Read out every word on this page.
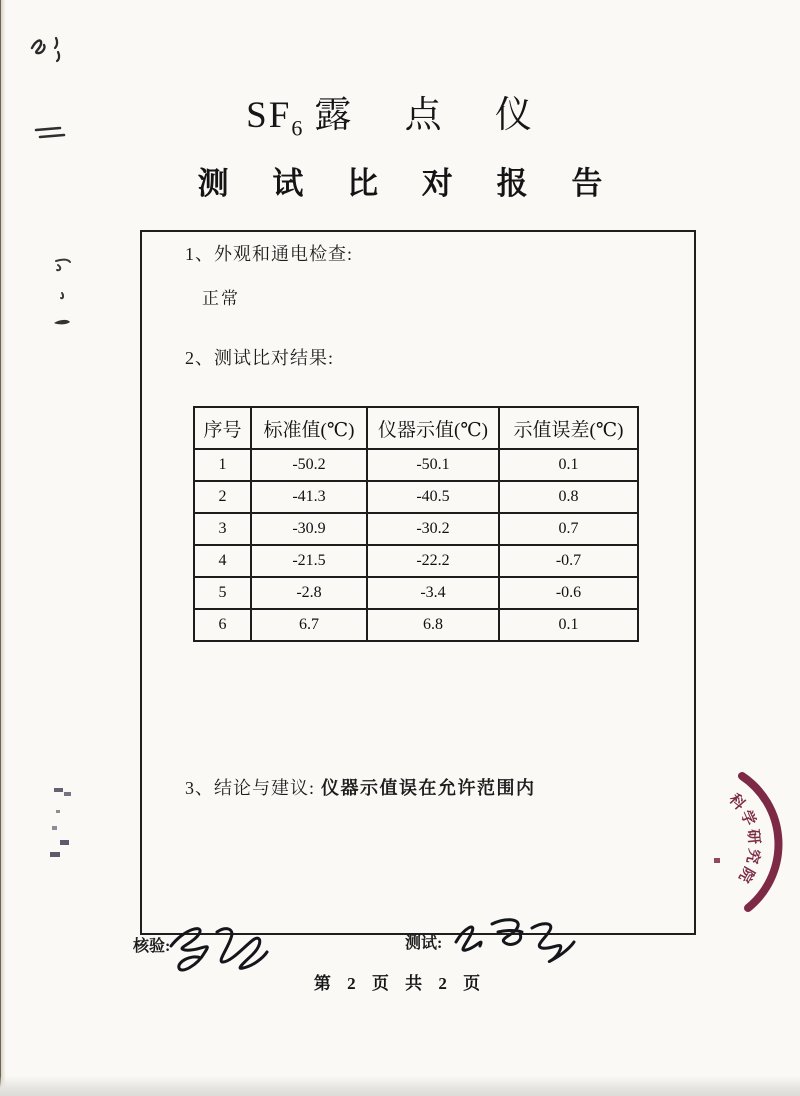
$SF_6$ 露 点 仪
测 试 比 对 报 告
1、外观和通电检查:
正常
2、测试比对结果:
序号	标准值(℃)	仪器示值(℃)	示值误差(℃)
1	-50.2	-50.1	0.1
2	-41.3	-40.5	0.8
3	-30.9	-30.2	0.7
4	-21.5	-22.2	-0.7
5	-2.8	-3.4	-0.6
6	6.7	6.8	0.1
3、结论与建议: 仪器示值误在允许范围内
核验:	测试:
第 2 页 共 2 页
科学研究院
